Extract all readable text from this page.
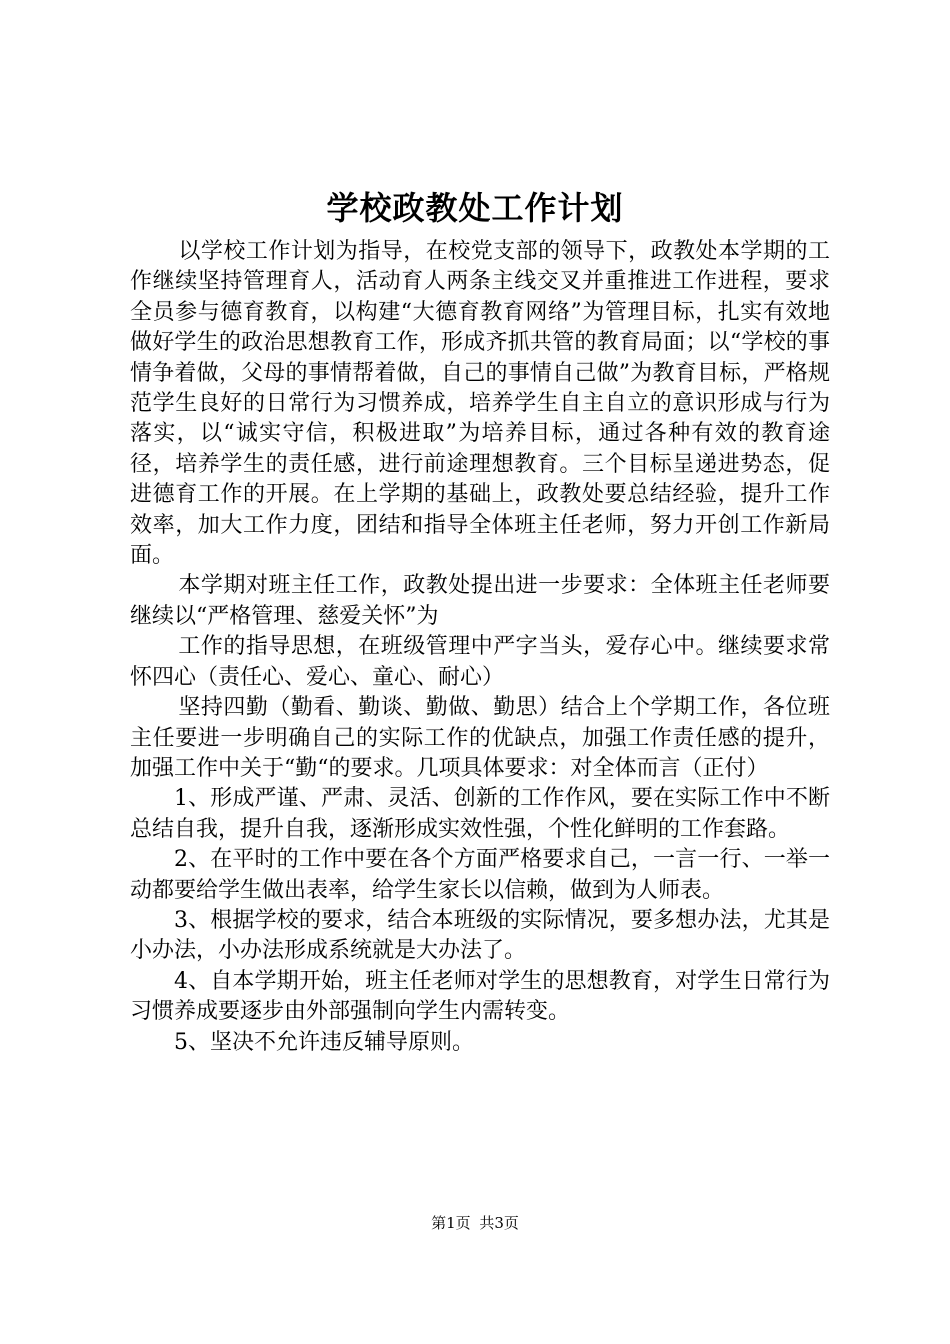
学校政教处工作计划

以学校工作计划为指导，在校党支部的领导下，政教处本学期的工作继续坚持管理育人，活动育人两条主线交叉并重推进工作进程，要求全员参与德育教育，以构建“大德育教育网络”为管理目标，扎实有效地做好学生的政治思想教育工作，形成齐抓共管的教育局面；以“学校的事情争着做，父母的事情帮着做，自己的事情自己做”为教育目标，严格规范学生良好的日常行为习惯养成，培养学生自主自立的意识形成与行为落实，以“诚实守信，积极进取”为培养目标，通过各种有效的教育途径，培养学生的责任感，进行前途理想教育。三个目标呈递进势态，促进德育工作的开展。在上学期的基础上，政教处要总结经验，提升工作效率，加大工作力度，团结和指导全体班主任老师，努力开创工作新局面。

本学期对班主任工作，政教处提出进一步要求：全体班主任老师要继续以“严格管理、慈爱关怀”为

工作的指导思想，在班级管理中严字当头，爱存心中。继续要求常怀四心（责任心、爱心、童心、耐心）

坚持四勤（勤看、勤谈、勤做、勤思）结合上个学期工作，各位班主任要进一步明确自己的实际工作的优缺点，加强工作责任感的提升，加强工作中关于“勤“的要求。几项具体要求：对全体而言（正付）

1、形成严谨、严肃、灵活、创新的工作作风，要在实际工作中不断总结自我，提升自我，逐渐形成实效性强，个性化鲜明的工作套路。

2、在平时的工作中要在各个方面严格要求自己，一言一行、一举一动都要给学生做出表率，给学生家长以信赖，做到为人师表。

3、根据学校的要求，结合本班级的实际情况，要多想办法，尤其是小办法，小办法形成系统就是大办法了。

4、自本学期开始，班主任老师对学生的思想教育，对学生日常行为习惯养成要逐步由外部强制向学生内需转变。

5、坚决不允许违反辅导原则。

第1页 共3页
